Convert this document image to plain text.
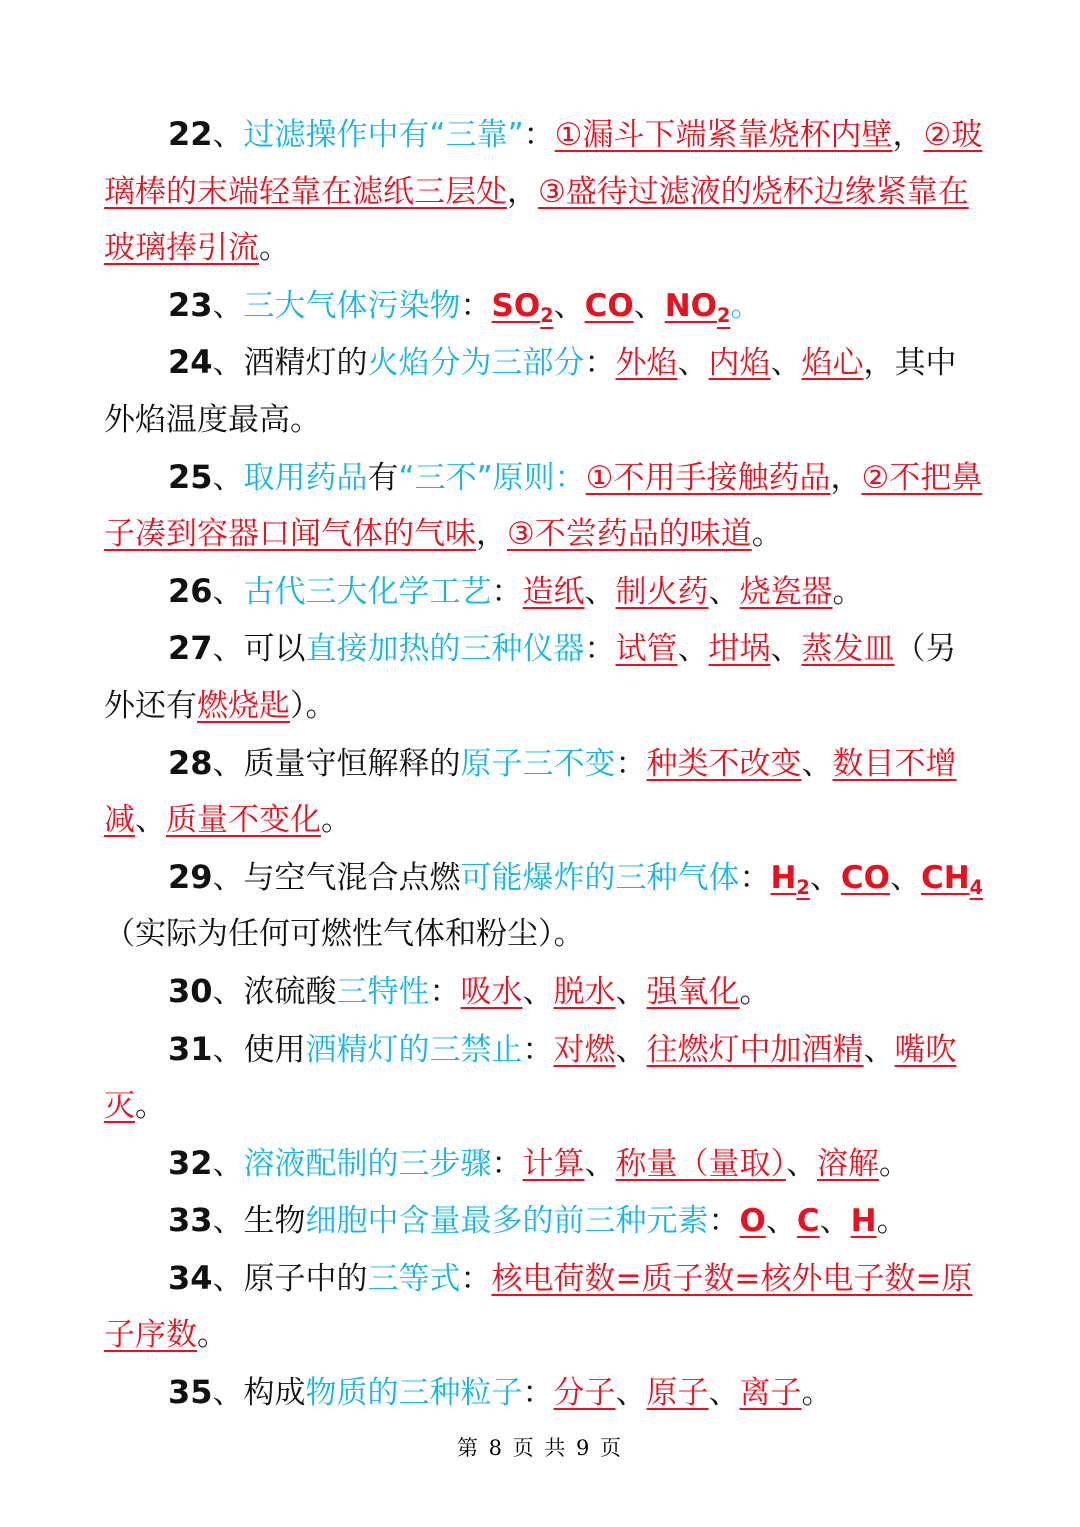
22、过滤操作中有“三靠”：①漏斗下端紧靠烧杯内壁，②玻璃棒的末端轻靠在滤纸三层处，③盛待过滤液的烧杯边缘紧靠在玻璃捧引流。

23、三大气体污染物：$SO_2$、CO、$NO_2$。

24、酒精灯的火焰分为三部分：外焰、内焰、焰心，其中外焰温度最高。

25、取用药品有“三不”原则：①不用手接触药品，②不把鼻子凑到容器口闻气体的气味，③不尝药品的味道。

26、古代三大化学工艺：造纸、制火药、烧瓷器。

27、可以直接加热的三种仪器：试管、坩埚、蒸发皿（另外还有燃烧匙）。

28、质量守恒解释的原子三不变：种类不改变、数目不增减、质量不变化。

29、与空气混合点燃可能爆炸的三种气体：$H_2$、CO、$CH_4$（实际为任何可燃性气体和粉尘）。

30、浓硫酸三特性：吸水、脱水、强氧化。

31、使用酒精灯的三禁止：对燃、往燃灯中加酒精、嘴吹灭。

32、溶液配制的三步骤：计算、称量（量取）、溶解。

33、生物细胞中含量最多的前三种元素：O、C、H。

34、原子中的三等式：核电荷数=质子数=核外电子数=原子序数。

35、构成物质的三种粒子：分子、原子、离子。

第 8 页 共 9 页
